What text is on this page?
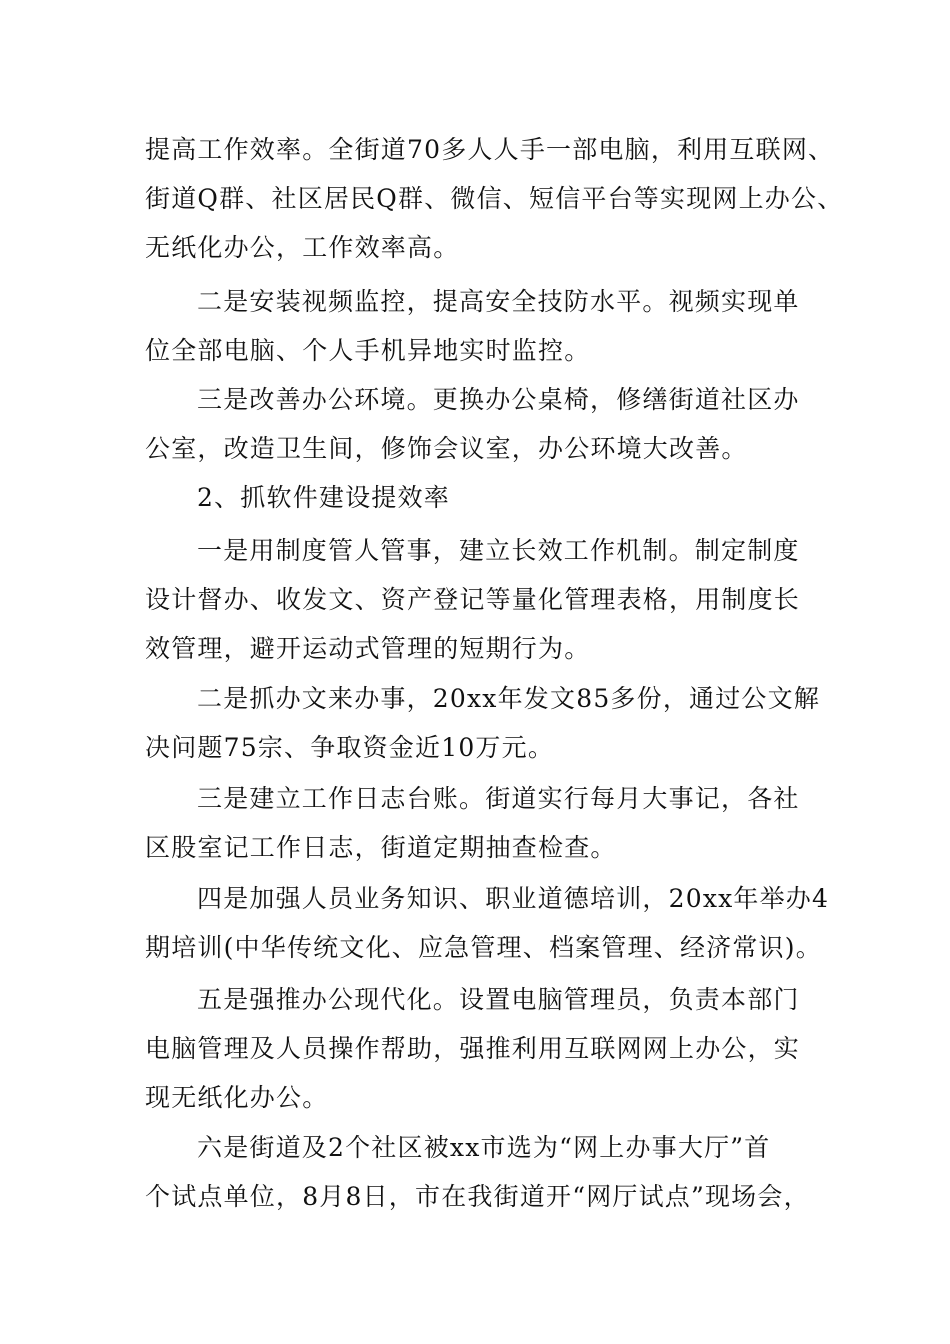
提高工作效率。全街道70多人人手一部电脑，利用互联网、
街道Q群、社区居民Q群、微信、短信平台等实现网上办公、
无纸化办公，工作效率高。
二是安装视频监控，提高安全技防水平。视频实现单
位全部电脑、个人手机异地实时监控。
三是改善办公环境。更换办公桌椅，修缮街道社区办
公室，改造卫生间，修饰会议室，办公环境大改善。
2、抓软件建设提效率
一是用制度管人管事，建立长效工作机制。制定制度
设计督办、收发文、资产登记等量化管理表格，用制度长
效管理，避开运动式管理的短期行为。
二是抓办文来办事，20xx年发文85多份，通过公文解
决问题75宗、争取资金近10万元。
三是建立工作日志台账。街道实行每月大事记，各社
区股室记工作日志，街道定期抽查检查。
四是加强人员业务知识、职业道德培训，20xx年举办4
期培训(中华传统文化、应急管理、档案管理、经济常识)。
五是强推办公现代化。设置电脑管理员，负责本部门
电脑管理及人员操作帮助，强推利用互联网网上办公，实
现无纸化办公。
六是街道及2个社区被xx市选为“网上办事大厅”首
个试点单位，8月8日，市在我街道开“网厅试点”现场会，
